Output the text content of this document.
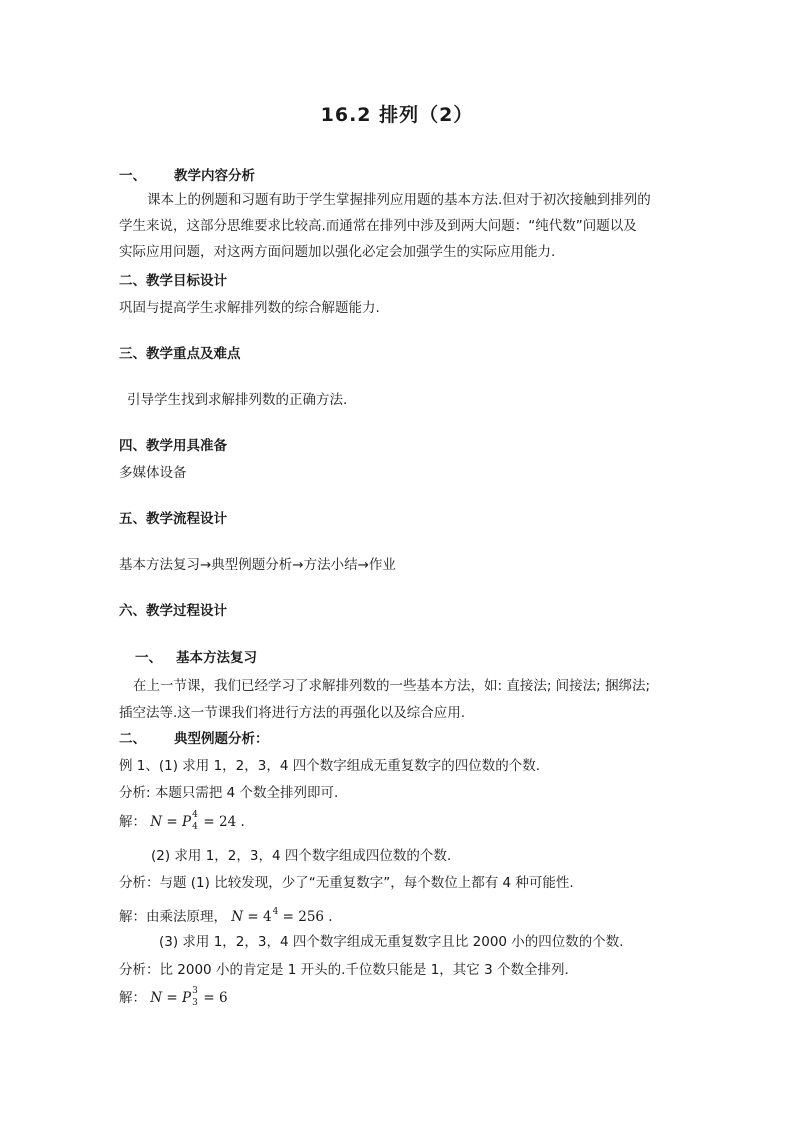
16.2 排列（2）
一、 教学内容分析
课本上的例题和习题有助于学生掌握排列应用题的基本方法.但对于初次接触到排列的
学生来说，这部分思维要求比较高.而通常在排列中涉及到两大问题：“纯代数”问题以及
实际应用问题，对这两方面问题加以强化必定会加强学生的实际应用能力.
二、教学目标设计
巩固与提高学生求解排列数的综合解题能力.
三、教学重点及难点
引导学生找到求解排列数的正确方法.
四、教学用具准备
多媒体设备
五、教学流程设计
基本方法复习→典型例题分析→方法小结→作业
六、教学过程设计
一、 基本方法复习
在上一节课，我们已经学习了求解排列数的一些基本方法，如: 直接法; 间接法; 捆绑法;
插空法等.这一节课我们将进行方法的再强化以及综合应用.
二、 典型例题分析：
例 1、(1) 求用 1，2，3，4 四个数字组成无重复数字的四位数的个数.
分析: 本题只需把 4 个数全排列即可.
解： N = P 4
4 = 24 .
(2) 求用 1，2，3，4 四个数字组成四位数的个数.
分析：与题 (1) 比较发现，少了“无重复数字”，每个数位上都有 4 种可能性.
解：由乘法原理， $N = 4^4 = 256$ .
(3) 求用 1，2，3，4 四个数字组成无重复数字且比 2000 小的四位数的个数.
分析：比 2000 小的肯定是 1 开头的.千位数只能是 1，其它 3 个数全排列.
解： N = P 3
3 = 6
